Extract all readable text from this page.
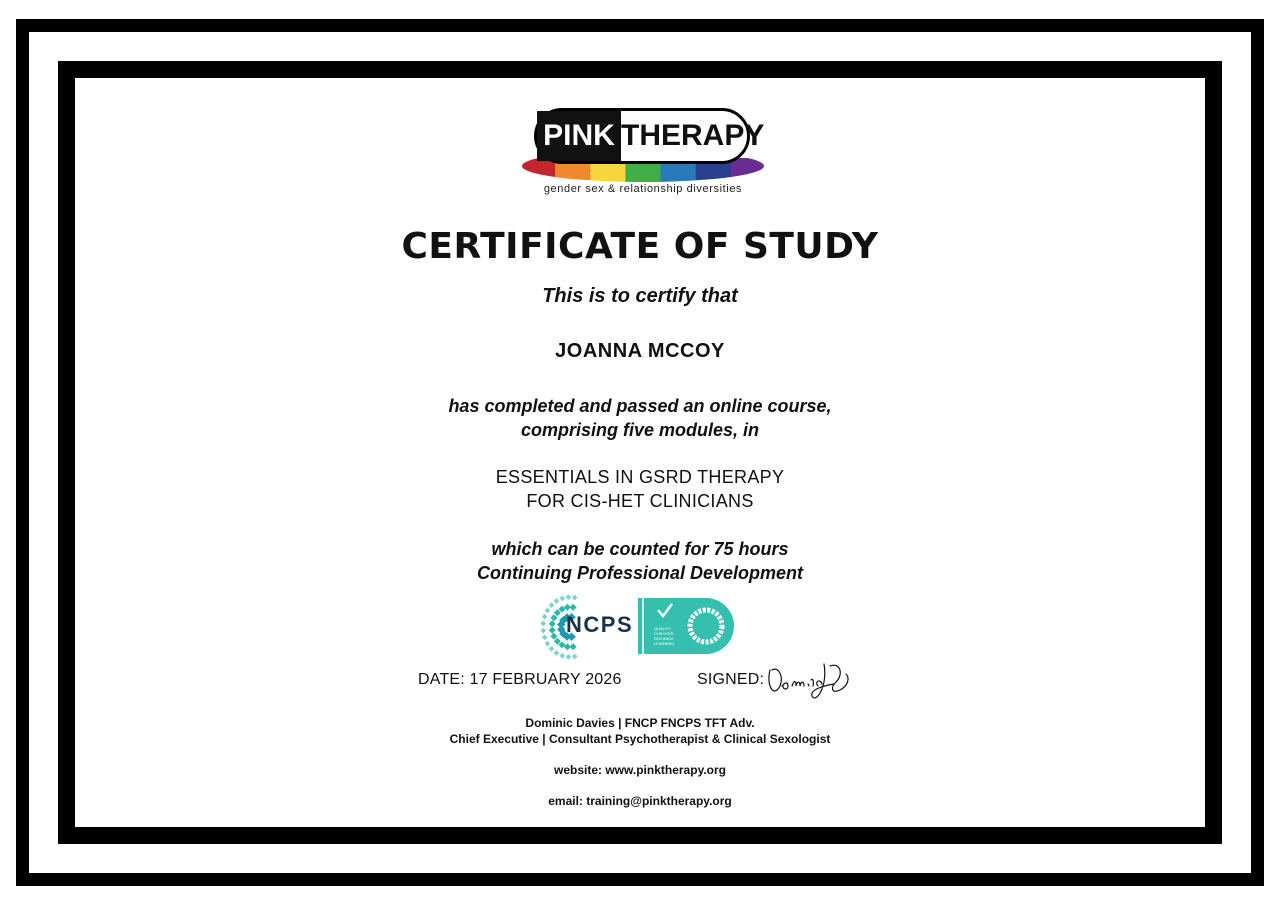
PINK THERAPY
gender sex & relationship diversities
CERTIFICATE OF STUDY
This is to certify that
JOANNA MCCOY
has completed and passed an online course,
comprising five modules, in
ESSENTIALS IN GSRD THERAPY
FOR CIS-HET CLINICIANS
which can be counted for 75 hours
Continuing Professional Development
NCPS	QUALITY
CHECKED
DISTANCE
LEARNING
DATE: 17 FEBRUARY 2026	SIGNED:
Dominic Davies | FNCP FNCPS TFT Adv.
Chief Executive | Consultant Psychotherapist & Clinical Sexologist
website: www.pinktherapy.org
email: training@pinktherapy.org
